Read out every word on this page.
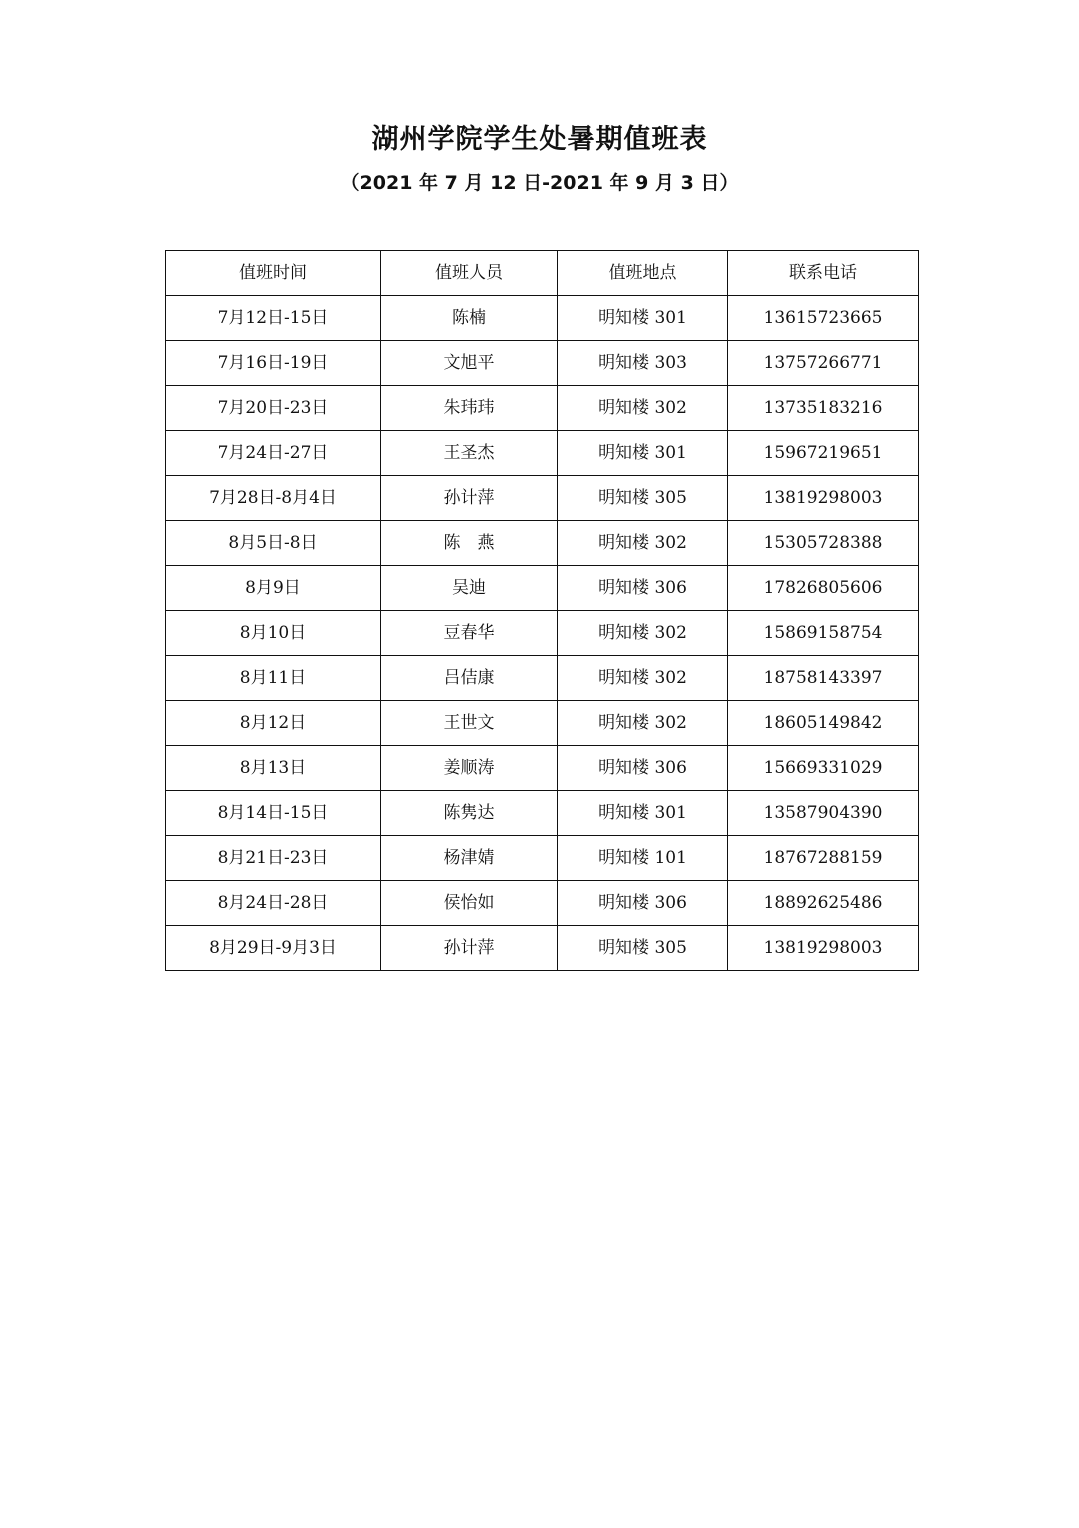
湖州学院学生处暑期值班表

（2021 年 7 月 12 日-2021 年 9 月 3 日）

值班时间	值班人员	值班地点	联系电话
7月12日-15日	陈楠	明知楼 301	13615723665
7月16日-19日	文旭平	明知楼 303	13757266771
7月20日-23日	朱玮玮	明知楼 302	13735183216
7月24日-27日	王圣杰	明知楼 301	15967219651
7月28日-8月4日	孙计萍	明知楼 305	13819298003
8月5日-8日	陈　燕	明知楼 302	15305728388
8月9日	吴迪	明知楼 306	17826805606
8月10日	豆春华	明知楼 302	15869158754
8月11日	吕佶康	明知楼 302	18758143397
8月12日	王世文	明知楼 302	18605149842
8月13日	姜顺涛	明知楼 306	15669331029
8月14日-15日	陈隽达	明知楼 301	13587904390
8月21日-23日	杨津婧	明知楼 101	18767288159
8月24日-28日	侯怡如	明知楼 306	18892625486
8月29日-9月3日	孙计萍	明知楼 305	13819298003
